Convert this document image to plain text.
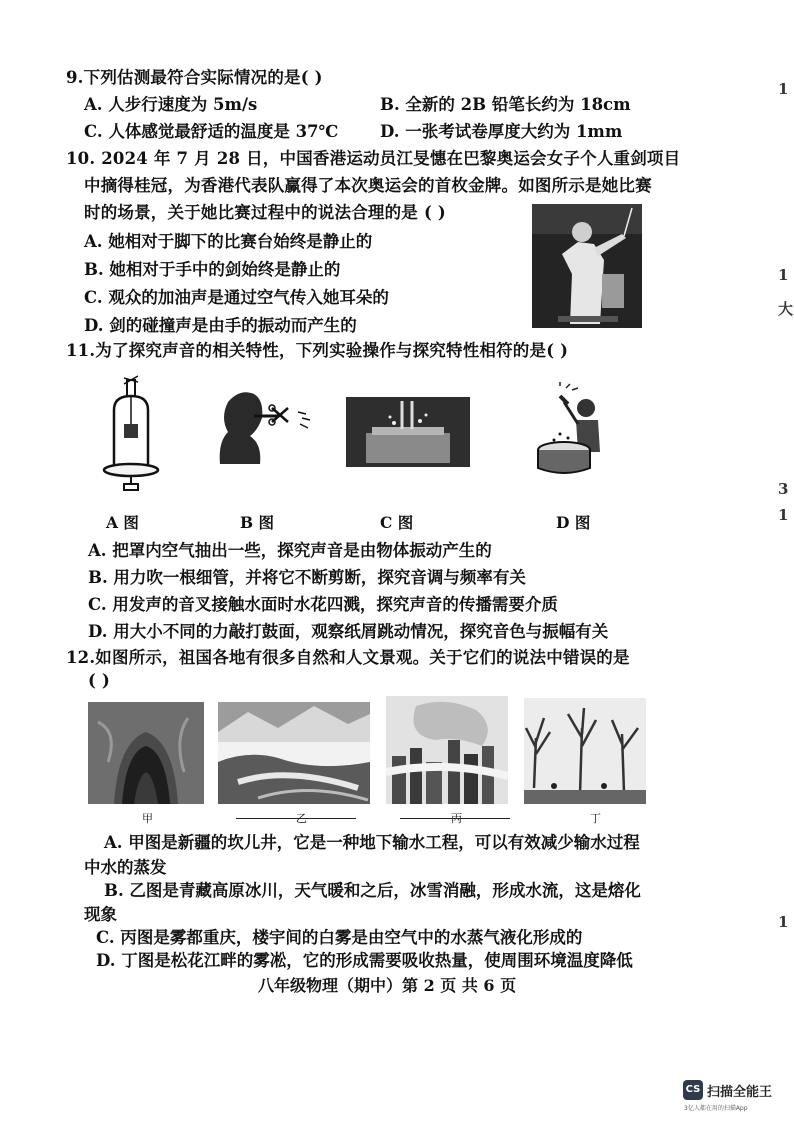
9.下列估测最符合实际情况的是( )
A. 人步行速度为 5m/s	B. 全新的 2B 铅笔长约为 18cm
C. 人体感觉最舒适的温度是 37℃	D. 一张考试卷厚度大约为 1mm
10. 2024 年 7 月 28 日，中国香港运动员江旻憓在巴黎奥运会女子个人重剑项目
中摘得桂冠，为香港代表队赢得了本次奥运会的首枚金牌。如图所示是她比赛
时的场景，关于她比赛过程中的说法合理的是 ( )
A. 她相对于脚下的比赛台始终是静止的
B. 她相对于手中的剑始终是静止的
C. 观众的加油声是通过空气传入她耳朵的
D. 剑的碰撞声是由手的振动而产生的
11.为了探究声音的相关特性，下列实验操作与探究特性相符的是( )
A 图	B 图	C 图	D 图
A. 把罩内空气抽出一些，探究声音是由物体振动产生的
B. 用力吹一根细管，并将它不断剪断，探究音调与频率有关
C. 用发声的音叉接触水面时水花四溅，探究声音的传播需要介质
D. 用大小不同的力敲打鼓面，观察纸屑跳动情况，探究音色与振幅有关
12.如图所示，祖国各地有很多自然和人文景观。关于它们的说法中错误的是
( )
甲	乙	丙	丁
A. 甲图是新疆的坎儿井，它是一种地下输水工程，可以有效减少输水过程
中水的蒸发
B. 乙图是青藏高原冰川，天气暖和之后，冰雪消融，形成水流，这是熔化
现象
C. 丙图是雾都重庆，楼宇间的白雾是由空气中的水蒸气液化形成的
D. 丁图是松花江畔的雾凇，它的形成需要吸收热量，使周围环境温度降低
八年级物理（期中）第 2 页 共 6 页
1
1
大
3
1
1
CS 扫描全能王
3亿人都在用的扫描App
